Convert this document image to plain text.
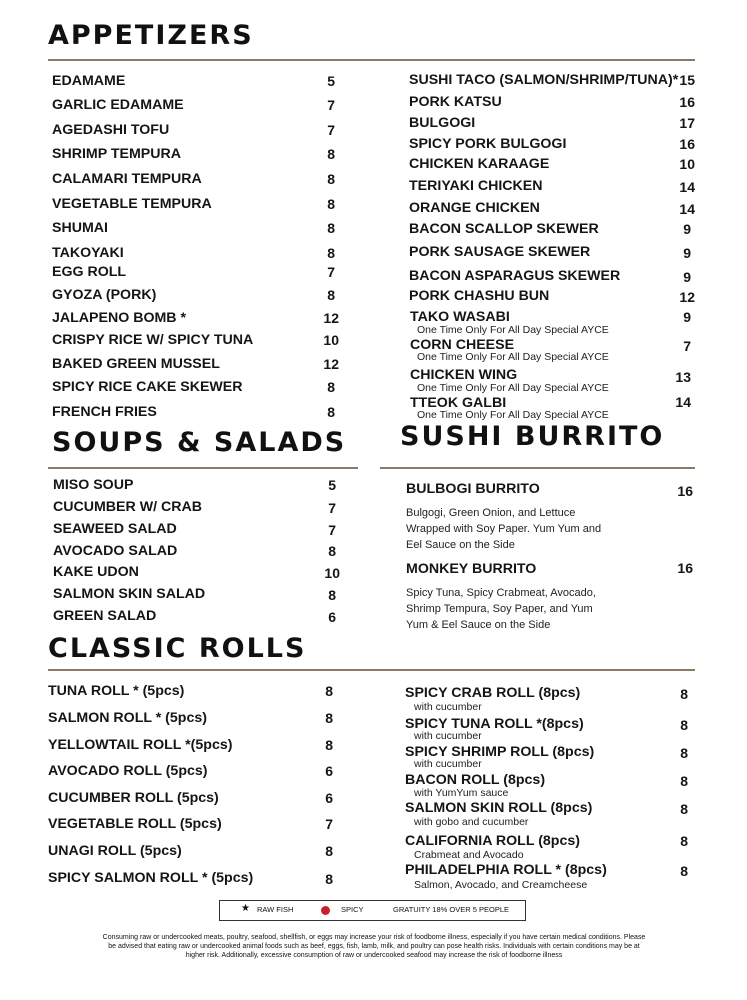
APPETIZERS
EDAMAME	5
GARLIC EDAMAME	7
AGEDASHI TOFU	7
SHRIMP TEMPURA	8
CALAMARI TEMPURA	8
VEGETABLE TEMPURA	8
SHUMAI	8
TAKOYAKI	8
EGG ROLL	7
GYOZA (PORK)	8
JALAPENO BOMB *	12
CRISPY RICE W/ SPICY TUNA	10
BAKED GREEN MUSSEL	12
SPICY RICE CAKE SKEWER	8
FRENCH FRIES	8
SUSHI TACO (SALMON/SHRIMP/TUNA)* 15
PORK KATSU	16
BULGOGI	17
SPICY PORK BULGOGI	16
CHICKEN KARAAGE	10
TERIYAKI CHICKEN	14
ORANGE CHICKEN	14
BACON SCALLOP SKEWER	9
PORK SAUSAGE SKEWER	9
BACON ASPARAGUS SKEWER	9
PORK CHASHU BUN	12
TAKO WASABI	9
One Time Only For All Day Special AYCE
CORN CHEESE	7
One Time Only For All Day Special AYCE
CHICKEN WING	13
One Time Only For All Day Special AYCE
TTEOK GALBI	14
One Time Only For All Day Special AYCE
SOUPS & SALADS
MISO SOUP	5
CUCUMBER W/ CRAB	7
SEAWEED SALAD	7
AVOCADO SALAD	8
KAKE UDON	10
SALMON SKIN SALAD	8
GREEN SALAD	6
SUSHI BURRITO
BULBOGI BURRITO	16
Bulgogi, Green Onion, and Lettuce Wrapped with Soy Paper. Yum Yum and Eel Sauce on the Side
MONKEY BURRITO	16
Spicy Tuna, Spicy Crabmeat, Avocado, Shrimp Tempura, Soy Paper, and Yum Yum & Eel Sauce on the Side
CLASSIC ROLLS
TUNA ROLL * (5pcs)	8
SALMON ROLL * (5pcs)	8
YELLOWTAIL ROLL *(5pcs)	8
AVOCADO ROLL (5pcs)	6
CUCUMBER ROLL (5pcs)	6
VEGETABLE ROLL (5pcs)	7
UNAGI ROLL (5pcs)	8
SPICY SALMON ROLL * (5pcs)	8
SPICY CRAB ROLL (8pcs)	8
with cucumber
SPICY TUNA ROLL *(8pcs)	8
with cucumber
SPICY SHRIMP ROLL (8pcs)	8
with cucumber
BACON ROLL (8pcs)	8
with YumYum sauce
SALMON SKIN ROLL (8pcs)	8
with gobo and cucumber
CALIFORNIA ROLL (8pcs)	8
Crabmeat and Avocado
PHILADELPHIA ROLL * (8pcs)	8
Salmon, Avocado, and Creamcheese
★ RAW FISH	SPICY	GRATUITY 18% OVER 5 PEOPLE
Consuming raw or undercooked meats, poultry, seafood, shellfish, or eggs may increase your risk of foodborne illness, especially if you have certain medical conditions. Please be advised that eating raw or undercooked animal foods such as beef, eggs, fish, lamb, milk, and poultry can pose health risks. Individuals with certain conditions may be at higher risk. Additionally, excessive consumption of raw or undercooked seafood may increase the risk of foodborne illness
